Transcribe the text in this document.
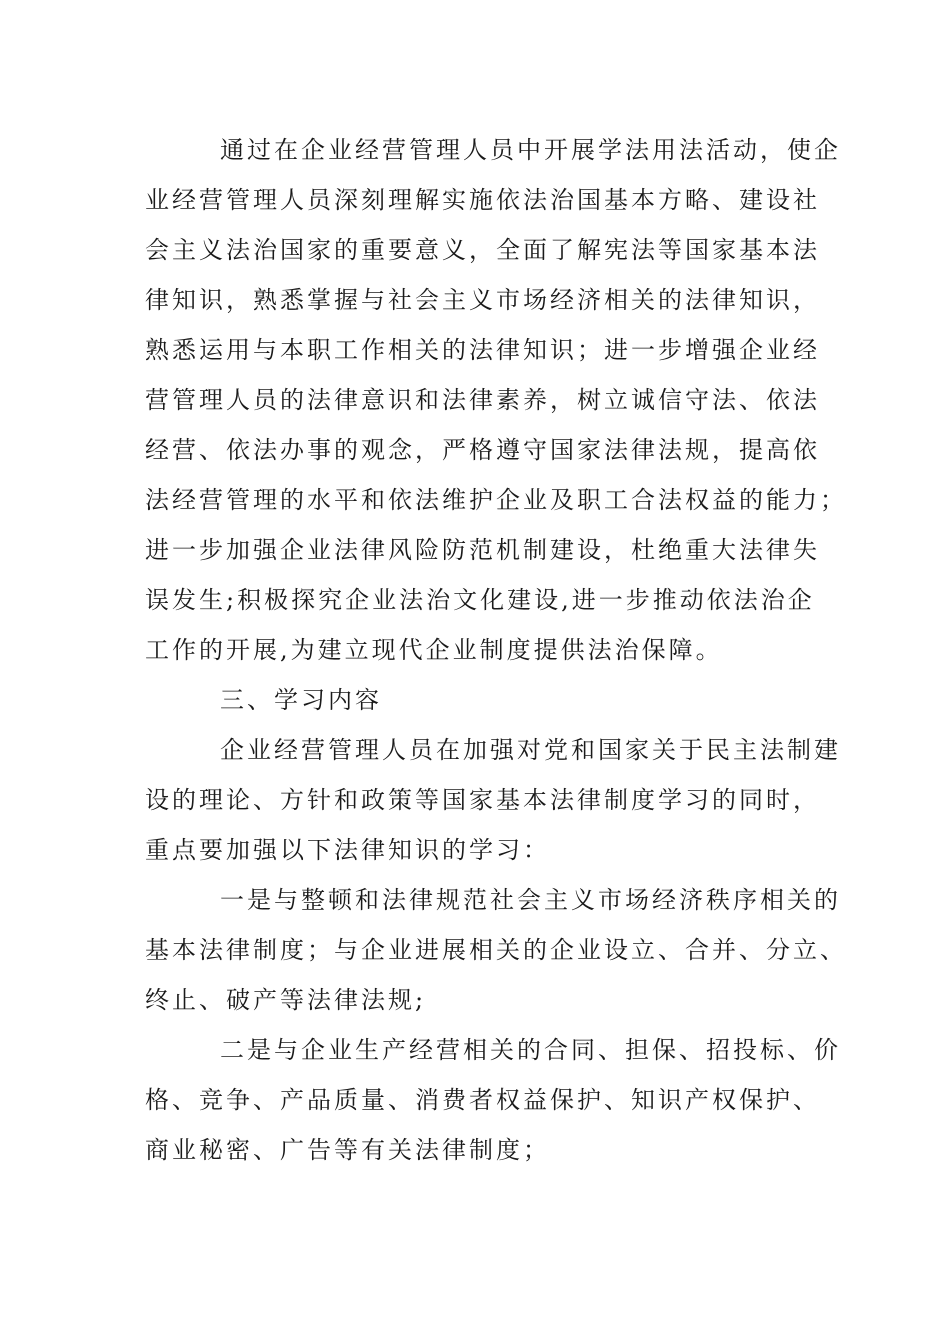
通过在企业经营管理人员中开展学法用法活动，使企
业经营管理人员深刻理解实施依法治国基本方略、建设社
会主义法治国家的重要意义，全面了解宪法等国家基本法
律知识，熟悉掌握与社会主义市场经济相关的法律知识，
熟悉运用与本职工作相关的法律知识；进一步增强企业经
营管理人员的法律意识和法律素养，树立诚信守法、依法
经营、依法办事的观念，严格遵守国家法律法规，提高依
法经营管理的水平和依法维护企业及职工合法权益的能力；
进一步加强企业法律风险防范机制建设，杜绝重大法律失
误发生;积极探究企业法治文化建设,进一步推动依法治企
工作的开展,为建立现代企业制度提供法治保障。
三、学习内容
企业经营管理人员在加强对党和国家关于民主法制建
设的理论、方针和政策等国家基本法律制度学习的同时，
重点要加强以下法律知识的学习：
一是与整顿和法律规范社会主义市场经济秩序相关的
基本法律制度；与企业进展相关的企业设立、合并、分立、
终止、破产等法律法规;
二是与企业生产经营相关的合同、担保、招投标、价
格、竞争、产品质量、消费者权益保护、知识产权保护、
商业秘密、广告等有关法律制度；
